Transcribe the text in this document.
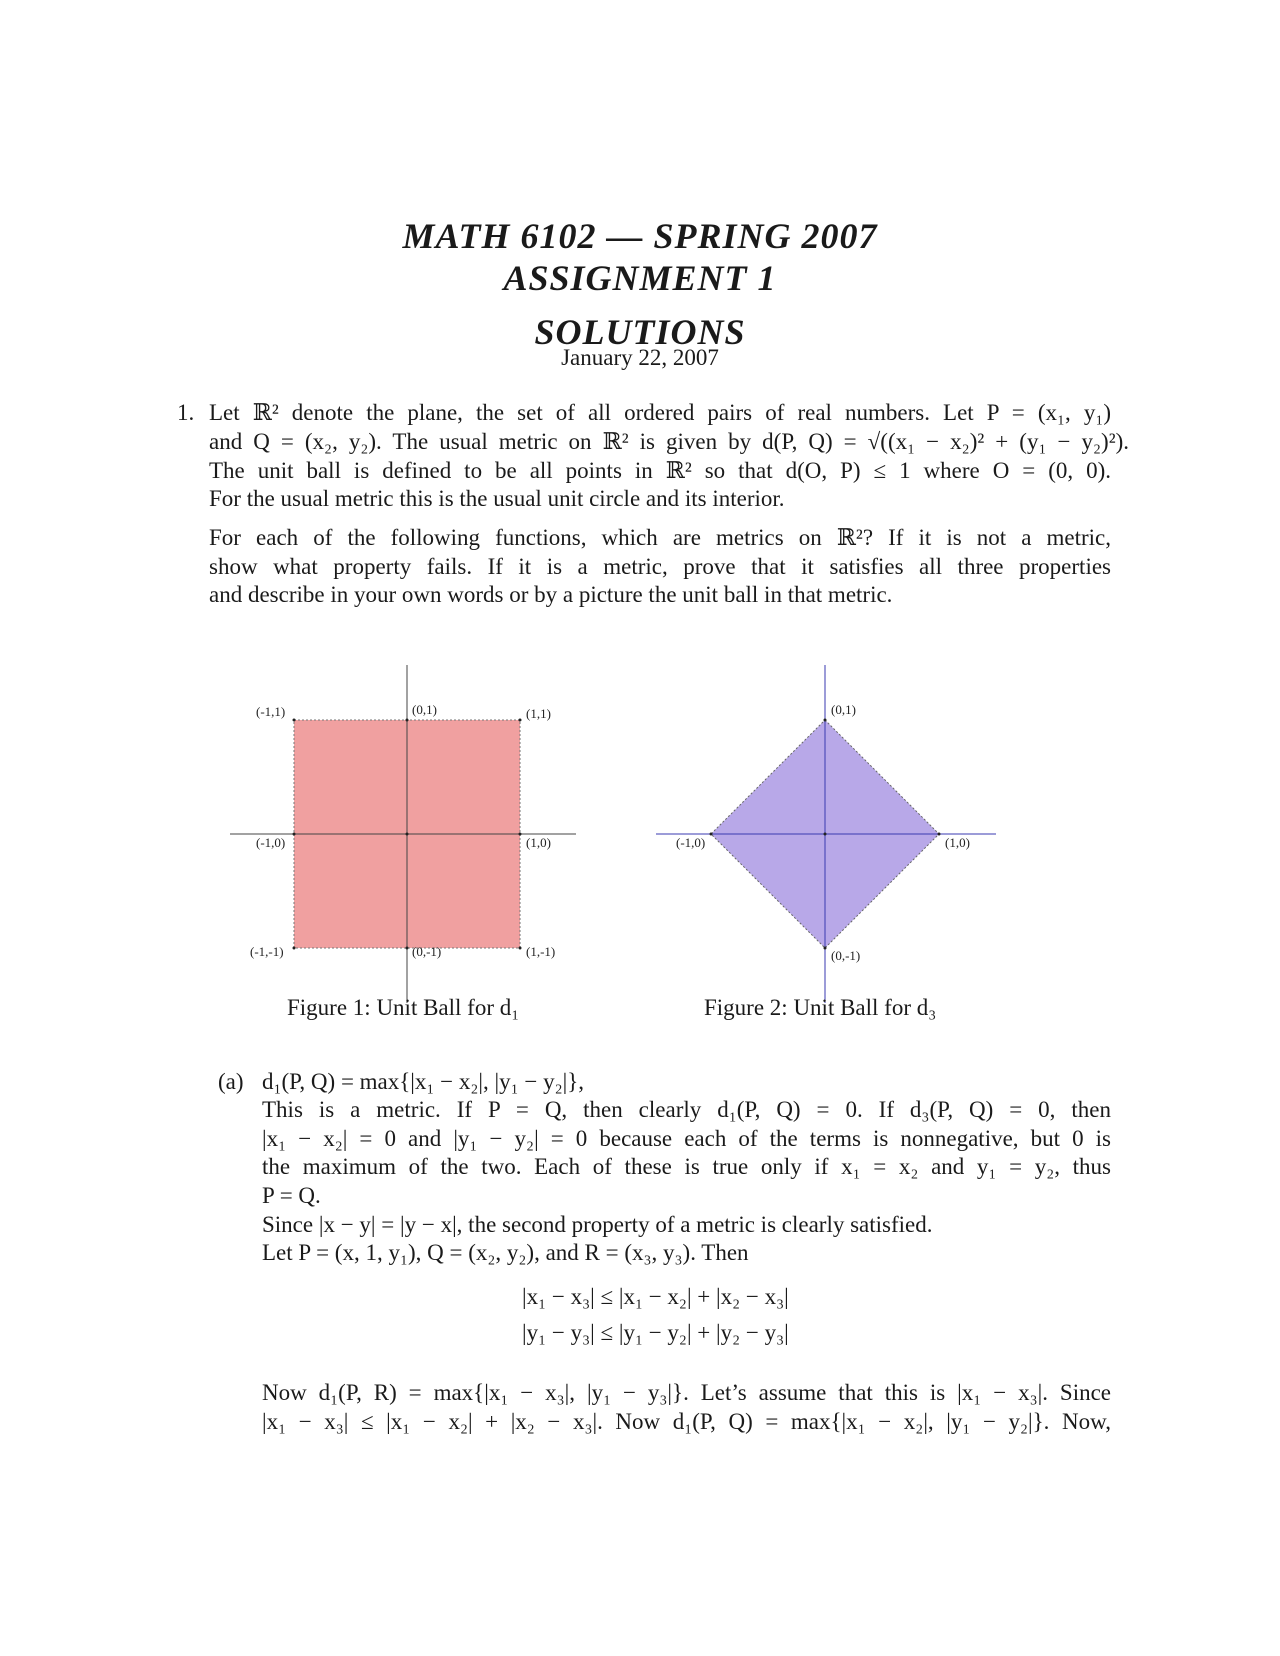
MATH 6102 — SPRING 2007
ASSIGNMENT 1
SOLUTIONS
January 22, 2007
1. Let ℝ² denote the plane, the set of all ordered pairs of real numbers. Let P = (x₁, y₁)
and Q = (x₂, y₂). The usual metric on ℝ² is given by d(P, Q) = √((x₁ − x₂)² + (y₁ − y₂)²).
The unit ball is defined to be all points in ℝ² so that d(O, P) ≤ 1 where O = (0, 0).
For the usual metric this is the usual unit circle and its interior.
For each of the following functions, which are metrics on ℝ²? If it is not a metric,
show what property fails. If it is a metric, prove that it satisfies all three properties
and describe in your own words or by a picture the unit ball in that metric.
(-1,1)	(0,1)	(1,1)
(-1,0)	(1,0)
(-1,-1)	(0,-1)	(1,-1)
Figure 1: Unit Ball for d₁
(0,1)
(-1,0)	(1,0)
(0,-1)
Figure 2: Unit Ball for d₃
(a) d₁(P, Q) = max{|x₁ − x₂|, |y₁ − y₂|},
This is a metric. If P = Q, then clearly d₁(P, Q) = 0. If d₃(P, Q) = 0, then
|x₁ − x₂| = 0 and |y₁ − y₂| = 0 because each of the terms is nonnegative, but 0 is
the maximum of the two. Each of these is true only if x₁ = x₂ and y₁ = y₂, thus
P = Q.
Since |x − y| = |y − x|, the second property of a metric is clearly satisfied.
Let P = (x, 1, y₁), Q = (x₂, y₂), and R = (x₃, y₃). Then
|x₁ − x₃| ≤ |x₁ − x₂| + |x₂ − x₃|
|y₁ − y₃| ≤ |y₁ − y₂| + |y₂ − y₃|
Now d₁(P, R) = max{|x₁ − x₃|, |y₁ − y₃|}. Let’s assume that this is |x₁ − x₃|. Since
|x₁ − x₃| ≤ |x₁ − x₂| + |x₂ − x₃|. Now d₁(P, Q) = max{|x₁ − x₂|, |y₁ − y₂|}. Now,
